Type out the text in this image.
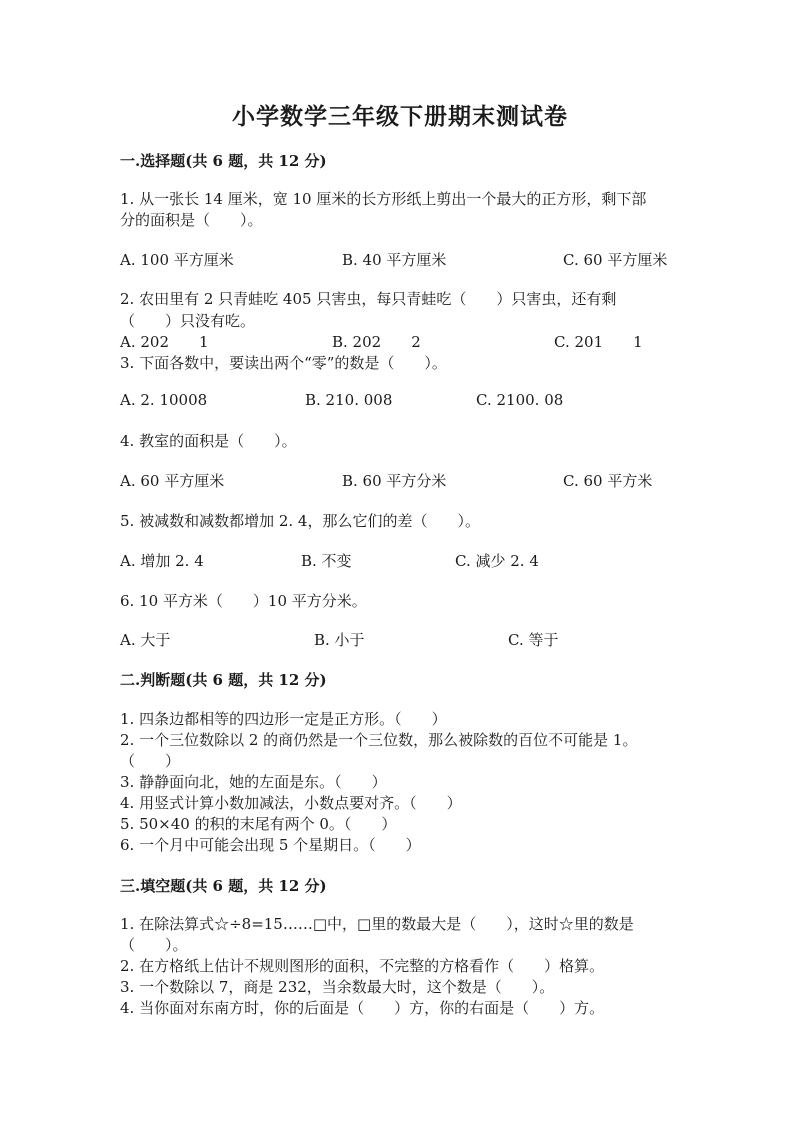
小学数学三年级下册期末测试卷
一.选择题(共 6 题，共 12 分)
1. 从一张长 14 厘米，宽 10 厘米的长方形纸上剪出一个最大的正方形，剩下部
分的面积是（　　）。
A. 100 平方厘米	B. 40 平方厘米	C. 60 平方厘米
2. 农田里有 2 只青蛙吃 405 只害虫，每只青蛙吃（　　）只害虫，还有剩
（　　）只没有吃。
A. 202　　1	B. 202　　2	C. 201　　1
3. 下面各数中，要读出两个“零”的数是（　　）。
A. 2. 10008	B. 210. 008	C. 2100. 08
4. 教室的面积是（　　）。
A. 60 平方厘米	B. 60 平方分米	C. 60 平方米
5. 被减数和减数都增加 2. 4，那么它们的差（　　）。
A. 增加 2. 4	B. 不变	C. 减少 2. 4
6. 10 平方米（　　）10 平方分米。
A. 大于	B. 小于	C. 等于
二.判断题(共 6 题，共 12 分)
1. 四条边都相等的四边形一定是正方形。（　　）
2. 一个三位数除以 2 的商仍然是一个三位数，那么被除数的百位不可能是 1。
（　　）
3. 静静面向北，她的左面是东。（　　）
4. 用竖式计算小数加减法，小数点要对齐。（　　）
5. 50×40 的积的末尾有两个 0。（　　）
6. 一个月中可能会出现 5 个星期日。（　　）
三.填空题(共 6 题，共 12 分)
1. 在除法算式☆÷8=15……□中，□里的数最大是（　　），这时☆里的数是
（　　）。
2. 在方格纸上估计不规则图形的面积，不完整的方格看作（　　）格算。
3. 一个数除以 7，商是 232，当余数最大时，这个数是（　　）。
4. 当你面对东南方时，你的后面是（　　）方，你的右面是（　　）方。
